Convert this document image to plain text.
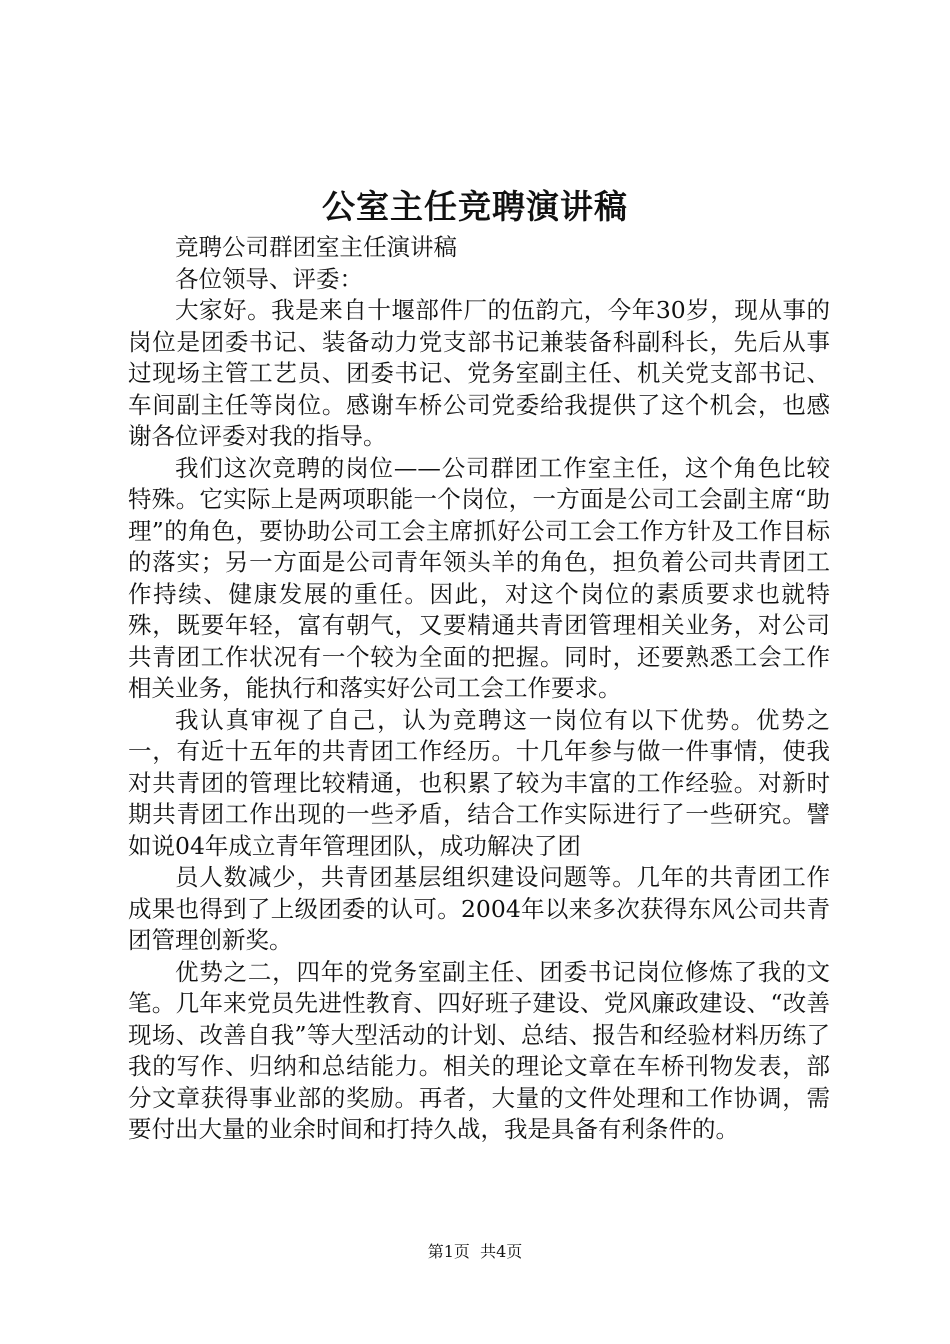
公室主任竞聘演讲稿

竞聘公司群团室主任演讲稿

各位领导、评委：

大家好。我是来自十堰部件厂的伍韵亢，今年30岁，现从事的岗位是团委书记、装备动力党支部书记兼装备科副科长，先后从事过现场主管工艺员、团委书记、党务室副主任、机关党支部书记、车间副主任等岗位。感谢车桥公司党委给我提供了这个机会，也感谢各位评委对我的指导。

我们这次竞聘的岗位——公司群团工作室主任，这个角色比较特殊。它实际上是两项职能一个岗位，一方面是公司工会副主席“助理”的角色，要协助公司工会主席抓好公司工会工作方针及工作目标的落实；另一方面是公司青年领头羊的角色，担负着公司共青团工作持续、健康发展的重任。因此，对这个岗位的素质要求也就特殊，既要年轻，富有朝气，又要精通共青团管理相关业务，对公司共青团工作状况有一个较为全面的把握。同时，还要熟悉工会工作相关业务，能执行和落实好公司工会工作要求。

我认真审视了自己，认为竞聘这一岗位有以下优势。优势之一，有近十五年的共青团工作经历。十几年参与做一件事情，使我对共青团的管理比较精通，也积累了较为丰富的工作经验。对新时期共青团工作出现的一些矛盾，结合工作实际进行了一些研究。譬如说04年成立青年管理团队，成功解决了团

员人数减少，共青团基层组织建设问题等。几年的共青团工作成果也得到了上级团委的认可。2004年以来多次获得东风公司共青团管理创新奖。

优势之二，四年的党务室副主任、团委书记岗位修炼了我的文笔。几年来党员先进性教育、四好班子建设、党风廉政建设、“改善现场、改善自我”等大型活动的计划、总结、报告和经验材料历练了我的写作、归纳和总结能力。相关的理论文章在车桥刊物发表，部分文章获得事业部的奖励。再者，大量的文件处理和工作协调，需要付出大量的业余时间和打持久战，我是具备有利条件的。

第1页  共4页
